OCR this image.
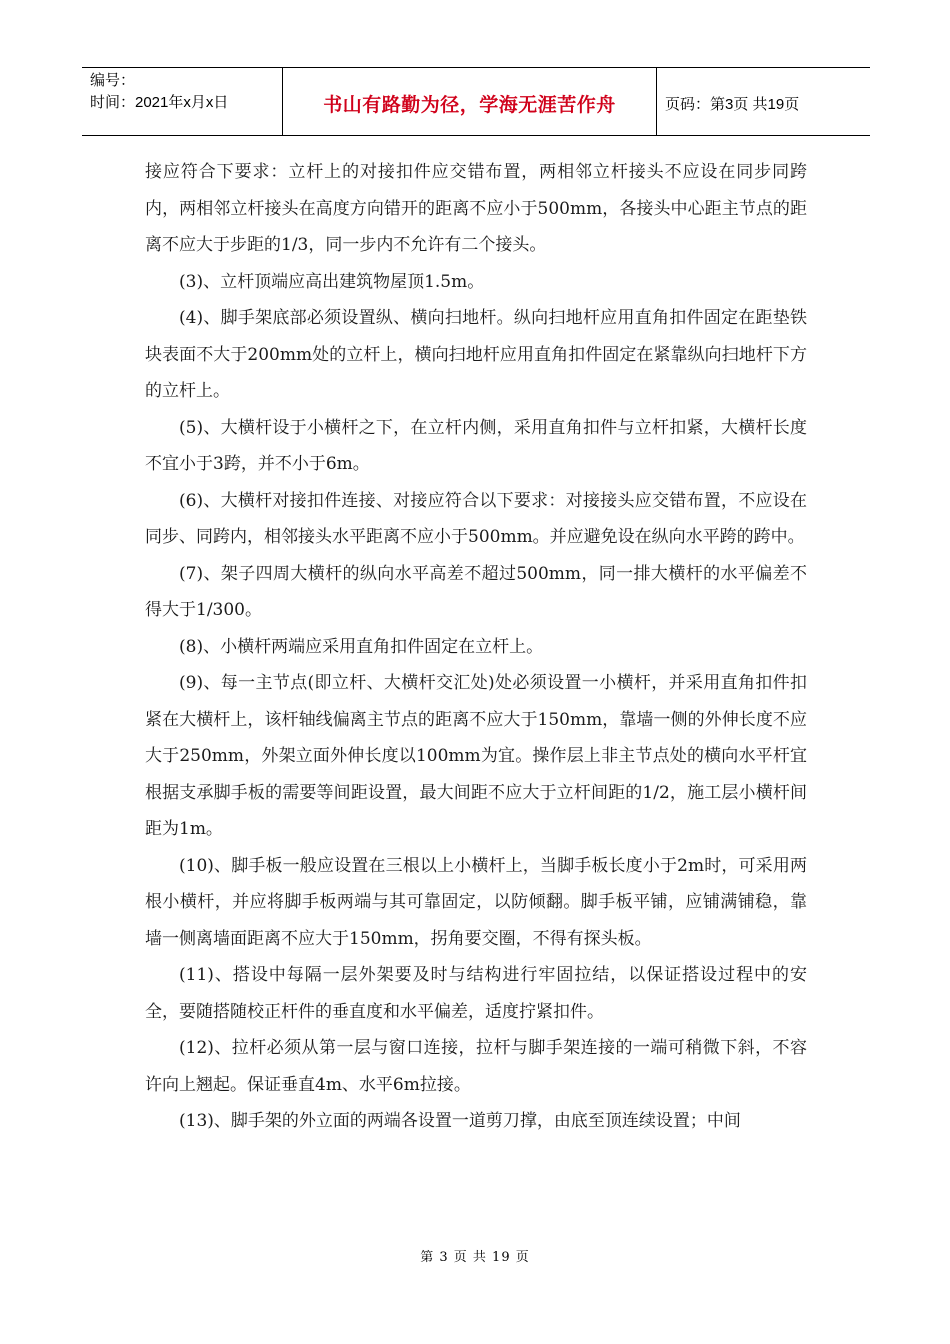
编号：
时间：2021年x月x日	书山有路勤为径，学海无涯苦作舟	页码：第3页 共19页

接应符合下要求：立杆上的对接扣件应交错布置，两相邻立杆接头不应设在同步同跨内，两相邻立杆接头在高度方向错开的距离不应小于500mm，各接头中心距主节点的距离不应大于步距的1/3，同一步内不允许有二个接头。

(3)、立杆顶端应高出建筑物屋顶1.5m。

(4)、脚手架底部必须设置纵、横向扫地杆。纵向扫地杆应用直角扣件固定在距垫铁块表面不大于200mm处的立杆上，横向扫地杆应用直角扣件固定在紧靠纵向扫地杆下方的立杆上。

(5)、大横杆设于小横杆之下，在立杆内侧，采用直角扣件与立杆扣紧，大横杆长度不宜小于3跨，并不小于6m。

(6)、大横杆对接扣件连接、对接应符合以下要求：对接接头应交错布置，不应设在同步、同跨内，相邻接头水平距离不应小于500mm。并应避免设在纵向水平跨的跨中。

(7)、架子四周大横杆的纵向水平高差不超过500mm，同一排大横杆的水平偏差不得大于1/300。

(8)、小横杆两端应采用直角扣件固定在立杆上。

(9)、每一主节点(即立杆、大横杆交汇处)处必须设置一小横杆，并采用直角扣件扣紧在大横杆上，该杆轴线偏离主节点的距离不应大于150mm，靠墙一侧的外伸长度不应大于250mm，外架立面外伸长度以100mm为宜。操作层上非主节点处的横向水平杆宜根据支承脚手板的需要等间距设置，最大间距不应大于立杆间距的1/2，施工层小横杆间距为1m。

(10)、脚手板一般应设置在三根以上小横杆上，当脚手板长度小于2m时，可采用两根小横杆，并应将脚手板两端与其可靠固定，以防倾翻。脚手板平铺，应铺满铺稳，靠墙一侧离墙面距离不应大于150mm，拐角要交圈，不得有探头板。

(11)、搭设中每隔一层外架要及时与结构进行牢固拉结，以保证搭设过程中的安全，要随搭随校正杆件的垂直度和水平偏差，适度拧紧扣件。

(12)、拉杆必须从第一层与窗口连接，拉杆与脚手架连接的一端可稍微下斜，不容许向上翘起。保证垂直4m、水平6m拉接。

(13)、脚手架的外立面的两端各设置一道剪刀撑，由底至顶连续设置；中间

第 3 页 共 19 页
